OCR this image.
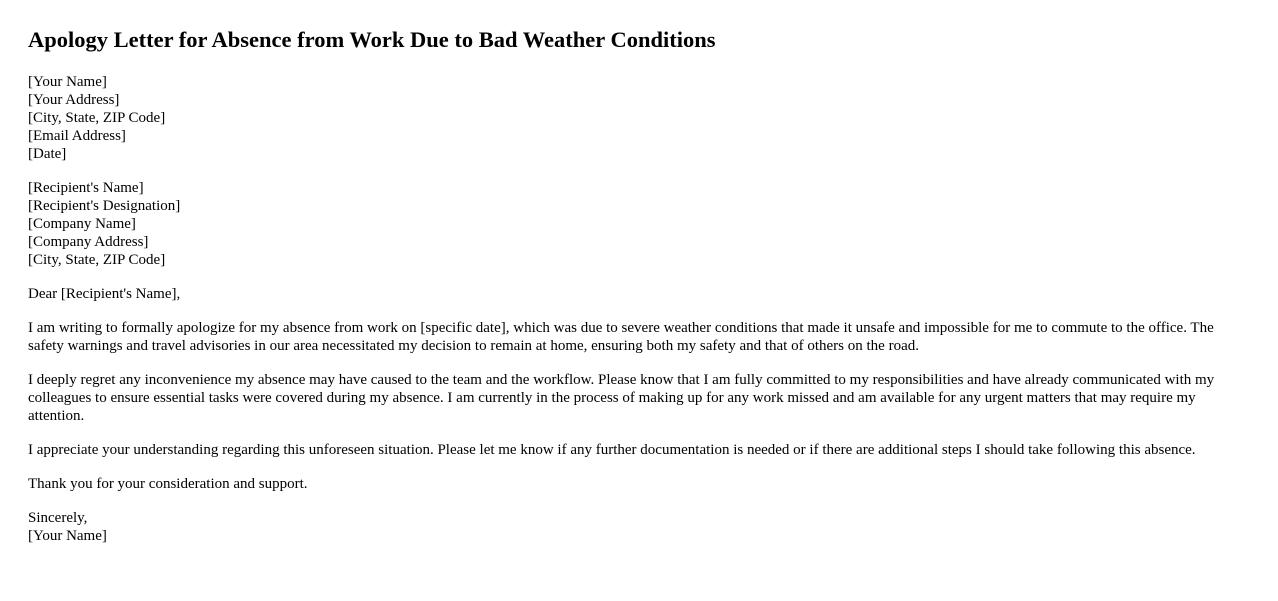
Apology Letter for Absence from Work Due to Bad Weather Conditions
[Your Name]
[Your Address]
[City, State, ZIP Code]
[Email Address]
[Date]
[Recipient's Name]
[Recipient's Designation]
[Company Name]
[Company Address]
[City, State, ZIP Code]

Dear [Recipient's Name],

I am writing to formally apologize for my absence from work on [specific date], which was due to severe weather conditions that made it unsafe and impossible for me to commute to the office. The safety warnings and travel advisories in our area necessitated my decision to remain at home, ensuring both my safety and that of others on the road.

I deeply regret any inconvenience my absence may have caused to the team and the workflow. Please know that I am fully committed to my responsibilities and have already communicated with my colleagues to ensure essential tasks were covered during my absence. I am currently in the process of making up for any work missed and am available for any urgent matters that may require my attention.

I appreciate your understanding regarding this unforeseen situation. Please let me know if any further documentation is needed or if there are additional steps I should take following this absence.

Thank you for your consideration and support.

Sincerely,
[Your Name]
